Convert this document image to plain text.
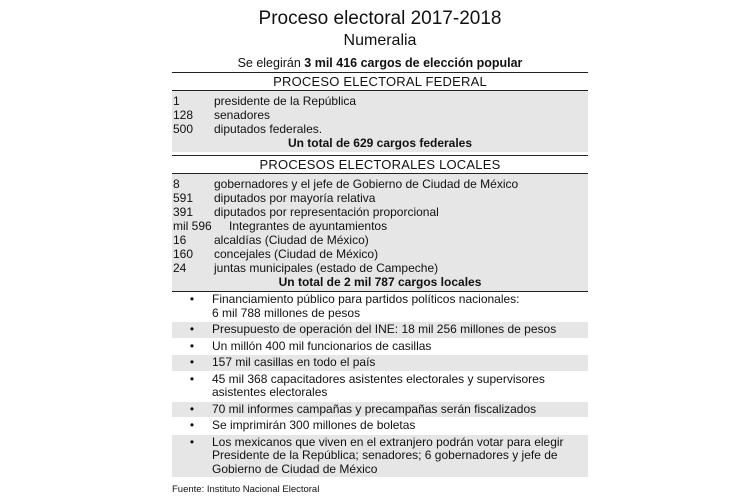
Proceso electoral 2017-2018
Numeralia
Se elegirán 3 mil 416 cargos de elección popular
PROCESO ELECTORAL FEDERAL
1	presidente de la República
128	senadores
500	diputados federales.
Un total de 629 cargos federales
PROCESOS ELECTORALES LOCALES
8	gobernadores y el jefe de Gobierno de Ciudad de México
591	diputados por mayoría relativa
391	diputados por representación proporcional
mil 596	Integrantes de ayuntamientos
16	alcaldías (Ciudad de México)
160	concejales (Ciudad de México)
24	juntas municipales (estado de Campeche)
Un total de 2 mil 787 cargos locales
•	Financiamiento público para partidos políticos nacionales:
6 mil 788 millones de pesos
•	Presupuesto de operación del INE: 18 mil 256 millones de pesos
•	Un millón 400 mil funcionarios de casillas
•	157 mil casillas en todo el país
•	45 mil 368 capacitadores asistentes electorales y supervisores
asistentes electorales
•	70 mil informes campañas y precampañas serán fiscalizados
•	Se imprimirán 300 millones de boletas
•	Los mexicanos que viven en el extranjero podrán votar para elegir
Presidente de la República; senadores; 6 gobernadores y jefe de
Gobierno de Ciudad de México
Fuente: Instituto Nacional Electoral
